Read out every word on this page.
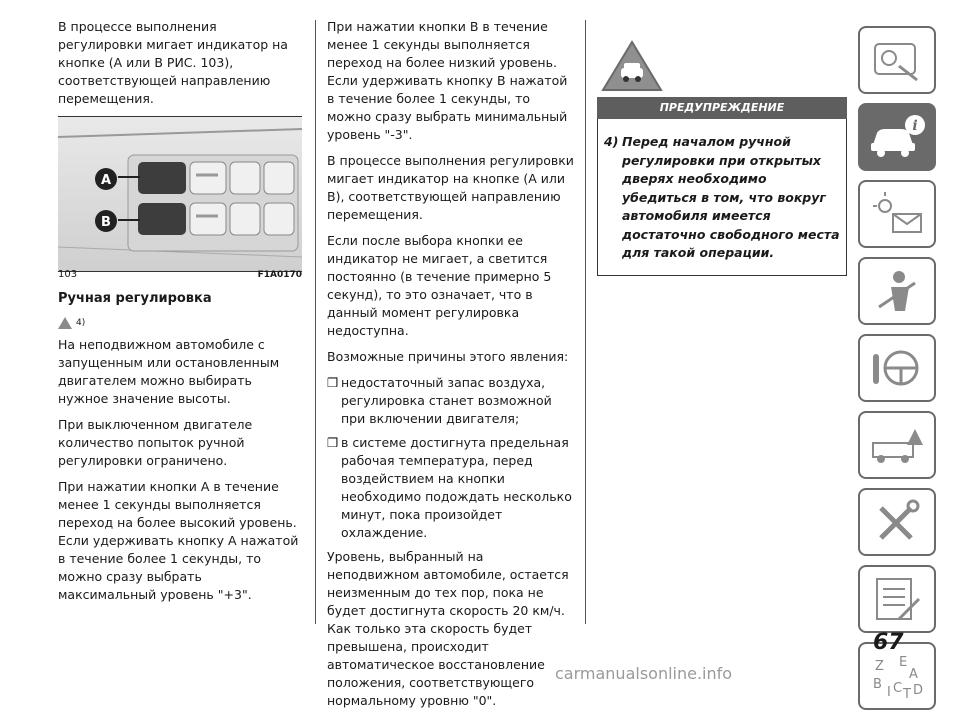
В процессе выполнения регулировки мигает индикатор на кнопке (А или В РИС. 103), соответствующей направлению перемещения.

A
B
103	F1A0170
Ручная регулировка
4)

На неподвижном автомобиле с запущенным или остановленным двигателем можно выбирать нужное значение высоты.

При выключенном двигателе количество попыток ручной регулировки ограничено.

При нажатии кнопки А в течение менее 1 секунды выполняется переход на более высокий уровень. Если удерживать кнопку А нажатой в течение более 1 секунды, то можно сразу выбрать максимальный уровень "+3".

При нажатии кнопки В в течение менее 1 секунды выполняется переход на более низкий уровень. Если удерживать кнопку В нажатой в течение более 1 секунды, то можно сразу выбрать минимальный уровень "-3".

В процессе выполнения регулировки мигает индикатор на кнопке (А или В), соответствующей направлению перемещения.

Если после выбора кнопки ее индикатор не мигает, а светится постоянно (в течение примерно 5 секунд), то это означает, что в данный момент регулировка недоступна.

Возможные причины этого явления:

❒ недостаточный запас воздуха, регулировка станет возможной при включении двигателя;
❒ в системе достигнута предельная рабочая температура, перед воздействием на кнопки необходимо подождать несколько минут, пока произойдет охлаждение.

Уровень, выбранный на неподвижном автомобиле, остается неизменным до тех пор, пока не будет достигнута скорость 20 км/ч. Как только эта скорость будет превышена, происходит автоматическое восстановление положения, соответствующего нормальному уровню "0".

ПРЕДУПРЕЖДЕНИЕ
4) Перед началом ручной регулировки при открытых дверях необходимо убедиться в том, что вокруг автомобиля имеется достаточно свободного места для такой операции.
i
Z E
A
B
I C T D
67
carmanualsonline.info
